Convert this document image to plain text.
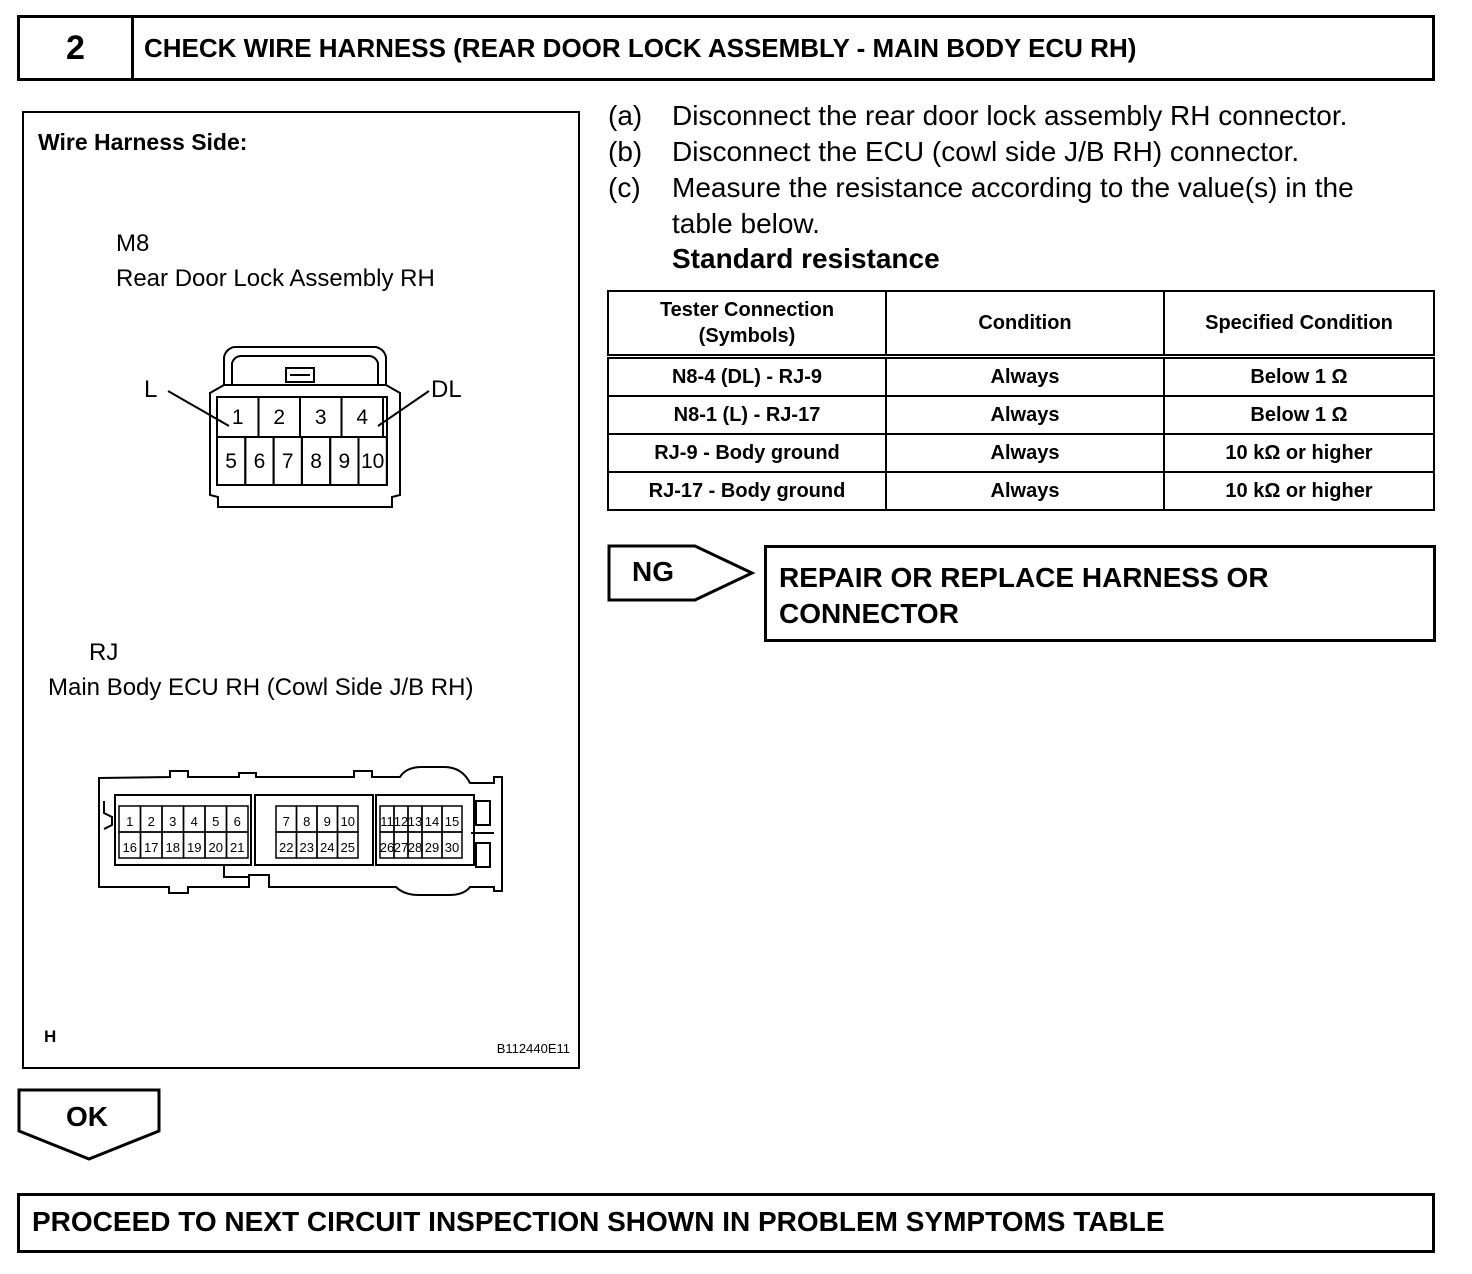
2	CHECK WIRE HARNESS (REAR DOOR LOCK ASSEMBLY - MAIN BODY ECU RH)
Wire Harness Side:
M8
Rear Door Lock Assembly RH
L	DL
1 2 3 4
5 6 7 8 9 10
1 2 3 4 5 6
16 17 18 19 20 21
7 8 9 10
22 23 24 25
11 12 13 14 15
26 27 28 29 30
RJ
Main Body ECU RH (Cowl Side J/B RH)
H
B112440E11
(a) Disconnect the rear door lock assembly RH connector.
(b) Disconnect the ECU (cowl side J/B RH) connector.
(c) Measure the resistance according to the value(s) in the
table below.
Standard resistance
Tester Connection (Symbols)	Condition	Specified Condition
N8-4 (DL) - RJ-9	Always	Below 1 Ω
N8-1 (L) - RJ-17	Always	Below 1 Ω
RJ-9 - Body ground	Always	10 kΩ or higher
RJ-17 - Body ground	Always	10 kΩ or higher
NG	REPAIR OR REPLACE HARNESS OR CONNECTOR
OK
PROCEED TO NEXT CIRCUIT INSPECTION SHOWN IN PROBLEM SYMPTOMS TABLE
